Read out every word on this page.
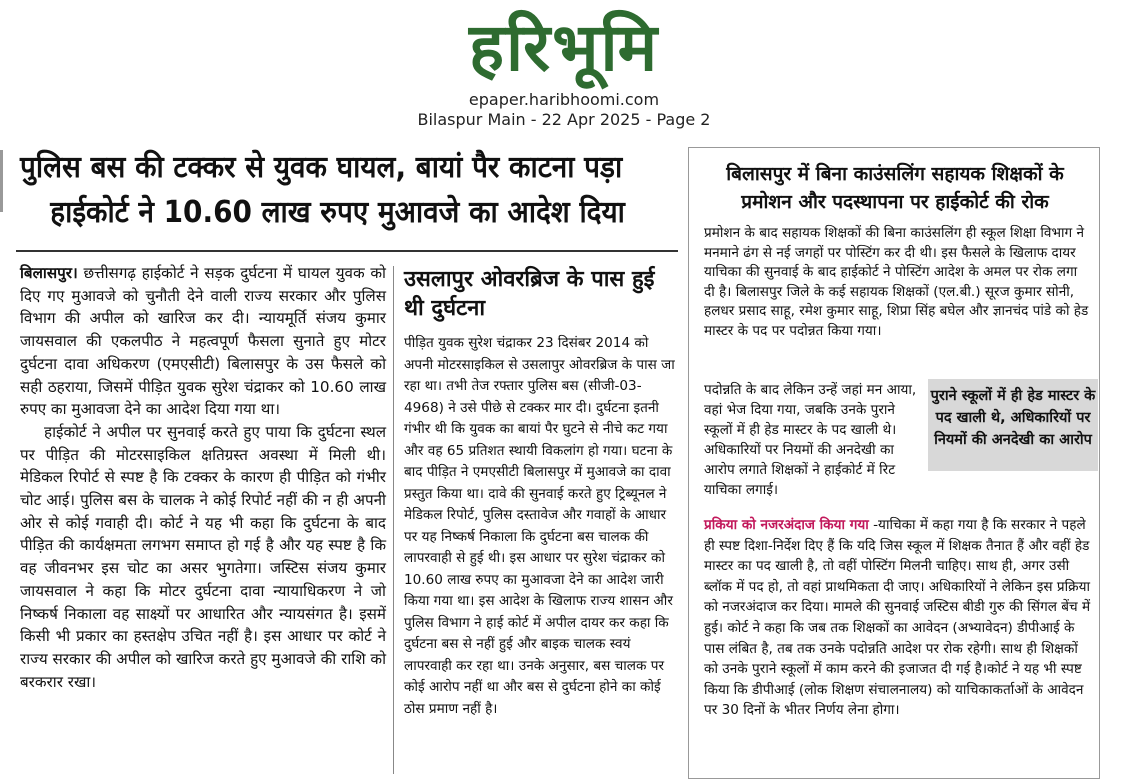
हरिभूमि
epaper.haribhoomi.com
Bilaspur Main - 22 Apr 2025 - Page 2
पुलिस बस की टक्कर से युवक घायल, बायां पैर काटना पड़ा
हाईकोर्ट ने 10.60 लाख रुपए मुआवजे का आदेश दिया

बिलासपुर। छत्तीसगढ़ हाईकोर्ट ने सड़क दुर्घटना में घायल युवक को दिए गए मुआवजे को चुनौती देने वाली राज्य सरकार और पुलिस विभाग की अपील को खारिज कर दी। न्यायमूर्ति संजय कुमार जायसवाल की एकलपीठ ने महत्वपूर्ण फैसला सुनाते हुए मोटर दुर्घटना दावा अधिकरण (एमएसीटी) बिलासपुर के उस फैसले को सही ठहराया, जिसमें पीड़ित युवक सुरेश चंद्राकर को 10.60 लाख रुपए का मुआवजा देने का आदेश दिया गया था।

हाईकोर्ट ने अपील पर सुनवाई करते हुए पाया कि दुर्घटना स्थल पर पीड़ित की मोटरसाइकिल क्षतिग्रस्त अवस्था में मिली थी। मेडिकल रिपोर्ट से स्पष्ट है कि टक्कर के कारण ही पीड़ित को गंभीर चोट आई। पुलिस बस के चालक ने कोई रिपोर्ट नहीं की न ही अपनी ओर से कोई गवाही दी। कोर्ट ने यह भी कहा कि दुर्घटना के बाद पीड़ित की कार्यक्षमता लगभग समाप्त हो गई है और यह स्पष्ट है कि वह जीवनभर इस चोट का असर भुगतेगा। जस्टिस संजय कुमार जायसवाल ने कहा कि मोटर दुर्घटना दावा न्यायाधिकरण ने जो निष्कर्ष निकाला वह साक्ष्यों पर आधारित और न्यायसंगत है। इसमें किसी भी प्रकार का हस्तक्षेप उचित नहीं है। इस आधार पर कोर्ट ने राज्य सरकार की अपील को खारिज करते हुए मुआवजे की राशि को बरकरार रखा।

उसलापुर ओवरब्रिज के पास हुई थी दुर्घटना

पीड़ित युवक सुरेश चंद्राकर 23 दिसंबर 2014 को अपनी मोटरसाइकिल से उसलापुर ओवरब्रिज के पास जा रहा था। तभी तेज रफ्तार पुलिस बस (सीजी-03-4968) ने उसे पीछे से टक्कर मार दी। दुर्घटना इतनी गंभीर थी कि युवक का बायां पैर घुटने से नीचे कट गया और वह 65 प्रतिशत स्थायी विकलांग हो गया। घटना के बाद पीड़ित ने एमएसीटी बिलासपुर में मुआवजे का दावा प्रस्तुत किया था। दावे की सुनवाई करते हुए ट्रिब्यूनल ने मेडिकल रिपोर्ट, पुलिस दस्तावेज और गवाहों के आधार पर यह निष्कर्ष निकाला कि दुर्घटना बस चालक की लापरवाही से हुई थी। इस आधार पर सुरेश चंद्राकर को 10.60 लाख रुपए का मुआवजा देने का आदेश जारी किया गया था। इस आदेश के खिलाफ राज्य शासन और पुलिस विभाग ने हाई कोर्ट में अपील दायर कर कहा कि दुर्घटना बस से नहीं हुई और बाइक चालक स्वयं लापरवाही कर रहा था। उनके अनुसार, बस चालक पर कोई आरोप नहीं था और बस से दुर्घटना होने का कोई ठोस प्रमाण नहीं है।

बिलासपुर में बिना काउंसलिंग सहायक शिक्षकों के प्रमोशन और पदस्थापना पर हाईकोर्ट की रोक

प्रमोशन के बाद सहायक शिक्षकों की बिना काउंसलिंग ही स्कूल शिक्षा विभाग ने मनमाने ढंग से नई जगहों पर पोस्टिंग कर दी थी। इस फैसले के खिलाफ दायर याचिका की सुनवाई के बाद हाईकोर्ट ने पोस्टिंग आदेश के अमल पर रोक लगा दी है। बिलासपुर जिले के कई सहायक शिक्षकों (एल.बी.) सूरज कुमार सोनी, हलधर प्रसाद साहू, रमेश कुमार साहू, शिप्रा सिंह बघेल और ज्ञानचंद पांडे को हेड मास्टर के पद पर पदोन्नत किया गया।

पदोन्नति के बाद लेकिन उन्हें जहां मन आया, वहां भेज दिया गया, जबकि उनके पुराने स्कूलों में ही हेड मास्टर के पद खाली थे। अधिकारियों पर नियमों की अनदेखी का आरोप लगाते शिक्षकों ने हाईकोर्ट में रिट याचिका लगाई।

पुराने स्कूलों में ही हेड मास्टर के पद खाली थे, अधिकारियों पर नियमों की अनदेखी का आरोप

प्रकिया को नजरअंदाज किया गया -याचिका में कहा गया है कि सरकार ने पहले ही स्पष्ट दिशा-निर्देश दिए हैं कि यदि जिस स्कूल में शिक्षक तैनात हैं और वहीं हेड मास्टर का पद खाली है, तो वहीं पोस्टिंग मिलनी चाहिए। साथ ही, अगर उसी ब्लॉक में पद हो, तो वहां प्राथमिकता दी जाए। अधिकारियों ने लेकिन इस प्रक्रिया को नजरअंदाज कर दिया। मामले की सुनवाई जस्टिस बीडी गुरु की सिंगल बेंच में हुई। कोर्ट ने कहा कि जब तक शिक्षकों का आवेदन (अभ्यावेदन) डीपीआई के पास लंबित है, तब तक उनके पदोन्नति आदेश पर रोक रहेगी। साथ ही शिक्षकों को उनके पुराने स्कूलों में काम करने की इजाजत दी गई है।कोर्ट ने यह भी स्पष्ट किया कि डीपीआई (लोक शिक्षण संचालनालय) को याचिकाकर्ताओं के आवेदन पर 30 दिनों के भीतर निर्णय लेना होगा।
